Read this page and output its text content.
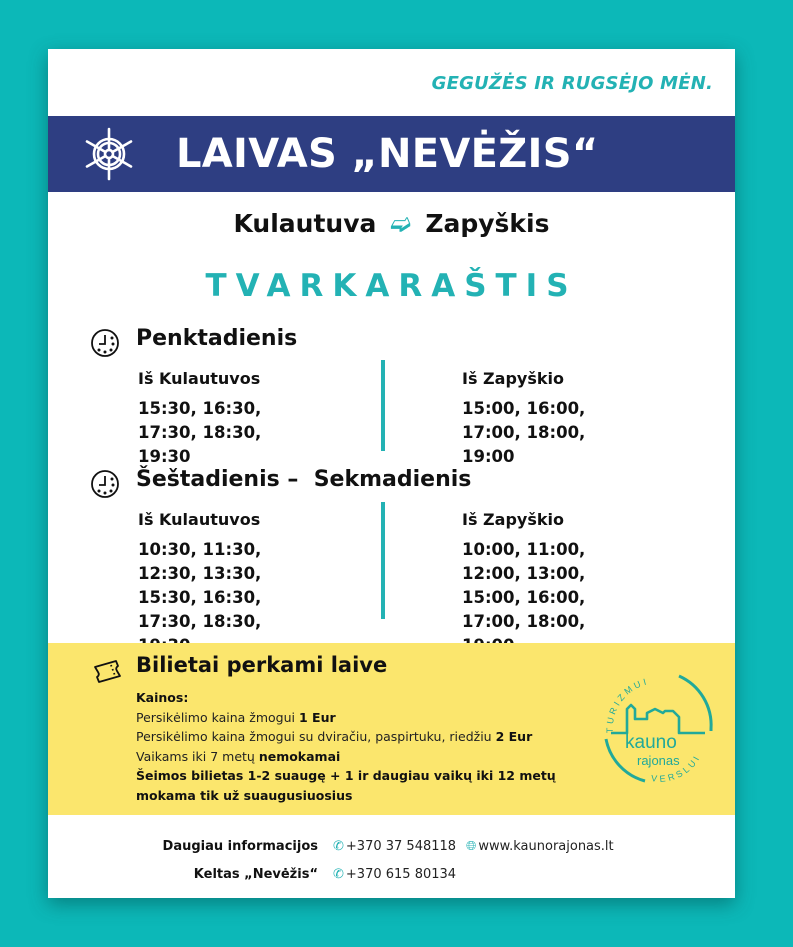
GEGUŽĖS IR RUGSĖJO MĖN.
LAIVAS „NEVĖŽIS“
Kulautuva ➫ Zapyškis
TVARKARAŠTIS
Penktadienis
Iš Kulautuvos
15:30, 16:30, 17:30, 18:30, 19:30
Iš Zapyškio
15:00, 16:00, 17:00, 18:00, 19:00
Šeštadienis –  Sekmadienis
Iš Kulautuvos
10:30, 11:30, 12:30, 13:30, 15:30, 16:30, 17:30, 18:30,
Iš Zapyškio
10:00, 11:00, 12:00, 13:00, 15:00, 16:00, 17:00, 18:00,
Bilietai perkami laive
Kainos:
Persikėlimo kaina žmogui 1 Eur
Persikėlimo kaina žmogui su dviračiu, paspirtuku, riedžiu 2 Eur
Vaikams iki 7 metų nemokamai
Šeimos bilietas 1-2 suaugę + 1 ir daugiau vaikų iki 12 metų
mokama tik už suaugusiuosius
TURIZMUI
VERSLUI
kauno
rajonas
Daugiau informacijos
Keltas „Nevėžis“
✆ +370 37 548118 🌐︎ www.kaunorajonas.lt
✆ +370 615 80134
